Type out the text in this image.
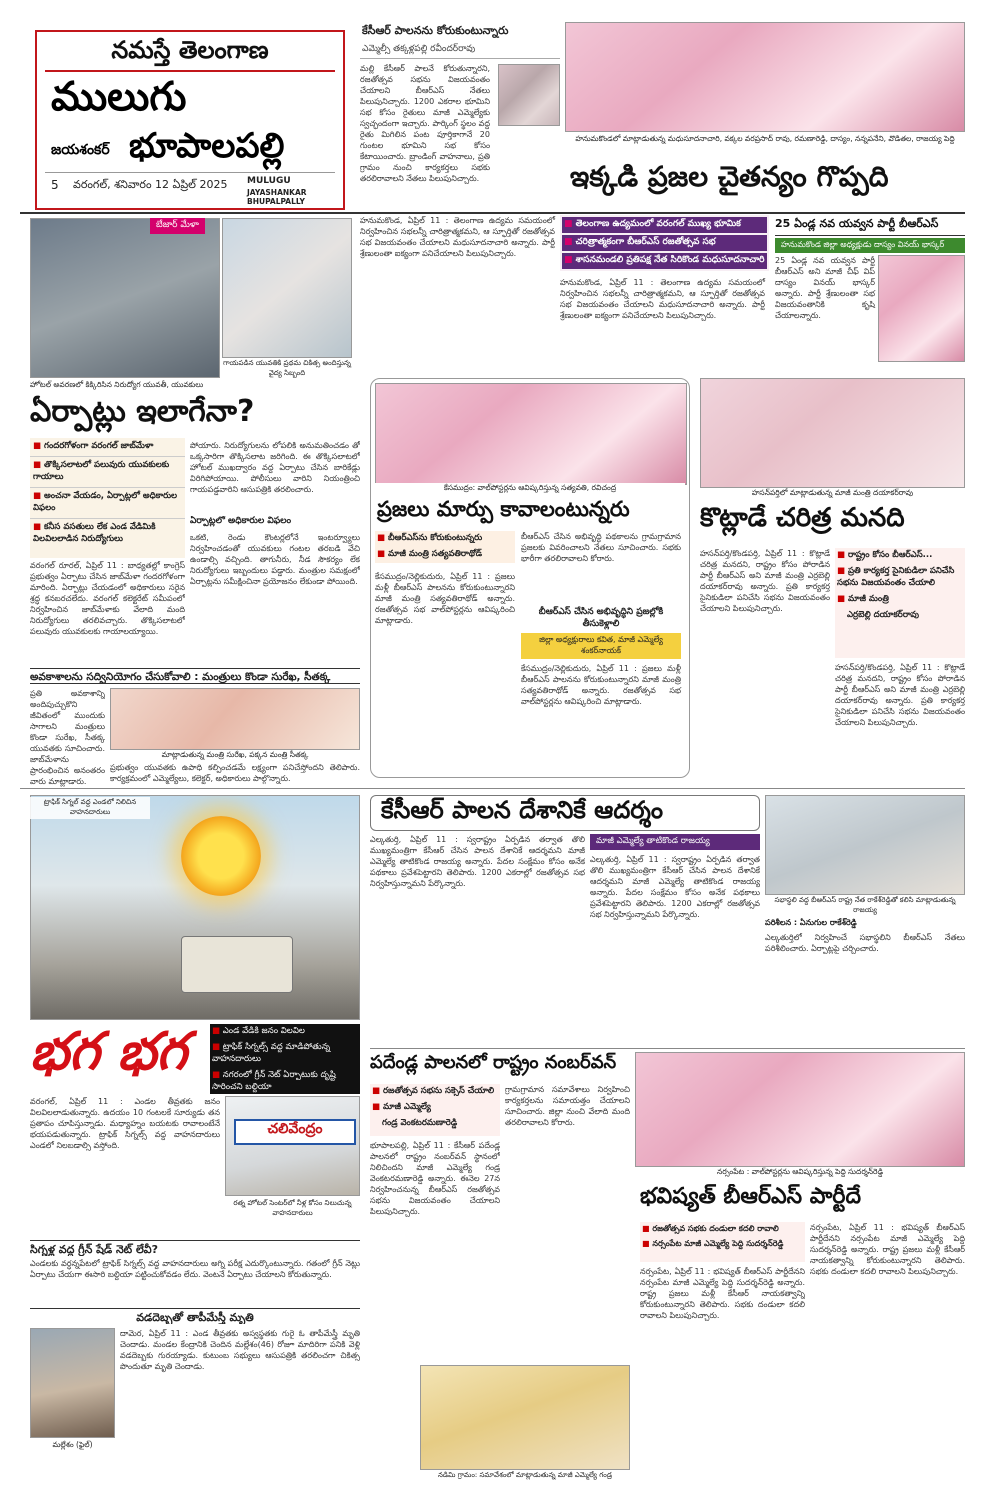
నమస్తే తెలంగాణ
ములుగు
జయశంకర్ భూపాలపల్లి
5 వరంగల్, శనివారం 12 ఏప్రిల్ 2025 MULUGU
JAYASHANKAR BHUPALPALLY
కేసీఆర్ పాలనను కోరుకుంటున్నారు
ఎమ్మెల్సీ తక్కళ్లపల్లి రవీందర్‌రావు
మల్లి కేసీఆర్ పాలనే కోరుతున్నారని, రజతోత్సవ సభను విజయవంతం చేయాలని బీఆర్ఎస్ నేతలు పిలుపునిచ్చారు. 1200 ఎకరాల భూమిని సభ కోసం రైతులు మాజీ ఎమ్మెల్యేకు స్వచ్ఛందంగా ఇచ్చారు. పార్కింగ్ స్థలం వద్ద రైతు మిగిలిన పంట పూర్తికాగానే 20 గుంటల భూమిని సభ కోసం కేటాయించారు. బ్రాండింగ్ వాహనాలు, ప్రతి గ్రామం నుంచి కార్యకర్తలు సభకు తరలిరావాలని నేతలు పిలుపునిచ్చారు.
హనుమకొండలో మాట్లాడుతున్న మధుసూదనాచారి, వక్కల వరప్రసాద్ రావు, రమణారెడ్డి, దాస్యం, నన్నపనేని, వొడితల, రాజయ్య పెద్ది
ఇక్కడి ప్రజల చైతన్యం గొప్పది
బేజార్ మేళా
గాయపడిన యువతికి ప్రథమ చికిత్స అందిస్తున్న వైద్య సిబ్బంది
హోటల్ అవరణలో కిక్కిరిసిన నిరుద్యోగ యువతీ, యువకులు
హనుమకొండ, ఏప్రిల్ 11 : తెలంగాణ ఉద్యమ సమయంలో నిర్వహించిన సభలన్నీ చారిత్రాత్మకమని, ఆ స్ఫూర్తితో రజతోత్సవ సభ విజయవంతం చేయాలని మధుసూదనాచారి అన్నారు. పార్టీ శ్రేణులంతా ఐక్యంగా పనిచేయాలని పిలుపునిచ్చారు.
■ తెలంగాణ ఉద్యమంలో వరంగల్ ముఖ్య భూమిక
■ చరిత్రాత్మకంగా బీఆర్ఎస్ రజతోత్సవ సభ
■ శాసనమండలి ప్రతిపక్ష నేత సిరికొండ మధుసూదనాచారి
హనుమకొండ, ఏప్రిల్ 11 : తెలంగాణ ఉద్యమ సమయంలో నిర్వహించిన సభలన్నీ చారిత్రాత్మకమని, ఆ స్ఫూర్తితో రజతోత్సవ సభ విజయవంతం చేయాలని మధుసూదనాచారి అన్నారు. పార్టీ శ్రేణులంతా ఐక్యంగా పనిచేయాలని పిలుపునిచ్చారు.
25 ఏండ్ల నవ యవ్వన పార్టీ బీఆర్ఎస్
హనుమకొండ జిల్లా అధ్యక్షుడు దాస్యం వినయ్ భాస్కర్
25 ఏండ్ల నవ యవ్వన పార్టీ బీఆర్ఎస్ అని మాజీ చీఫ్ విప్ దాస్యం వినయ్ భాస్కర్ అన్నారు. పార్టీ శ్రేణులంతా సభ విజయవంతానికి కృషి చేయాలన్నారు.
ఏర్పాట్లు ఇలాగేనా?
■ గందరగోళంగా వరంగల్ జాబ్‌మేళా
■ తొక్కిసలాటలో పలువురు యువకులకు గాయాలు
■ అంచనా వేయడం, ఏర్పాట్లలో అధికారుల విఫలం
■ కనీస వసతులు లేక ఎండ వేడిమికి విలవిలలాడిన నిరుద్యోగులు
పోయారు. నిరుద్యోగులను లోపలికి అనుమతించడం తో ఒక్కసారిగా తొక్కిసలాట జరిగింది. ఈ తొక్కిసలాటలో హోటల్ ముఖద్వారం వద్ద ఏర్పాటు చేసిన బారికేడ్లు విరిగిపోయాయి. పోలీసులు వారిని నియంత్రించి గాయపడ్డవారిని ఆసుపత్రికి తరలించారు.
ఏర్పాట్లలో అధికారుల విఫలం
వరంగల్ రూరల్, ఏప్రిల్ 11 : బాధ్యతల్లో కాంగ్రెస్ ప్రభుత్వం ఏర్పాటు చేసిన జాబ్‌మేళా గందరగోళంగా మారింది. ఏర్పాట్లు చేయడంలో అధికారులు సరైన శ్రద్ధ కనబరచలేదు. వరంగల్ కలెక్టరేట్ సమీపంలో నిర్వహించిన జాబ్‌మేళాకు వేలాది మంది నిరుద్యోగులు తరలివచ్చారు. తొక్కిసలాటలో పలువురు యువకులకు గాయాలయ్యాయి.
ఒకటి, రెండు కౌంటర్లలోనే ఇంటర్వ్యూలు నిర్వహించడంతో యువకులు గంటల తరబడి వేచి ఉండాల్సి వచ్చింది. తాగునీరు, నీడ సౌకర్యం లేక నిరుద్యోగులు ఇబ్బందులు పడ్డారు. మంత్రుల సమక్షంలో ఏర్పాట్లను సమీక్షించినా ప్రయోజనం లేకుండా పోయింది.
అవకాశాలను సద్వినియోగం చేసుకోవాలి : మంత్రులు కొండా సురేఖ, సీతక్క
ప్రతి అవకాశాన్ని అందిపుచ్చుకొని జీవితంలో ముందుకు సాగాలని మంత్రులు కొండా సురేఖ, సీతక్క యువతకు సూచించారు. జాబ్‌మేళాను ప్రారంభించిన అనంతరం వారు మాట్లాడారు.
మాట్లాడుతున్న మంత్రి సురేఖ, పక్కన మంత్రి సీతక్క
ప్రభుత్వం యువతకు ఉపాధి కల్పించడమే లక్ష్యంగా పనిచేస్తోందని తెలిపారు. కార్యక్రమంలో ఎమ్మెల్యేలు, కలెక్టర్, అధికారులు పాల్గొన్నారు.
కేసముద్రం: వాల్‌పోస్టర్లను ఆవిష్కరిస్తున్న సత్యవతి, రవిచంద్ర
ప్రజలు మార్పు కావాలంటున్నరు
■ బీఆర్ఎస్‌ను కోరుకుంటున్నరు
■ మాజీ మంత్రి సత్యవతిరాథోడ్
కేసముద్రం/నెల్లికుదురు, ఏప్రిల్ 11 : ప్రజలు మళ్లీ బీఆర్ఎస్ పాలనను కోరుకుంటున్నారని మాజీ మంత్రి సత్యవతిరాథోడ్ అన్నారు. రజతోత్సవ సభ వాల్‌పోస్టర్లను ఆవిష్కరించి మాట్లాడారు.
బీఆర్ఎస్ చేసిన అభివృద్ధి పథకాలను గ్రామగ్రామాన ప్రజలకు వివరించాలని నేతలు సూచించారు. సభకు భారీగా తరలిరావాలని కోరారు.
బీఆర్ఎస్ చేసిన అభివృద్ధిని ప్రజల్లోకి తీసుకెళ్లాలి
జిల్లా అధ్యక్షురాలు కవిత, మాజీ ఎమ్మెల్యే శంకర్‌నాయక్
కేసముద్రం/నెల్లికుదురు, ఏప్రిల్ 11 : ప్రజలు మళ్లీ బీఆర్ఎస్ పాలనను కోరుకుంటున్నారని మాజీ మంత్రి సత్యవతిరాథోడ్ అన్నారు. రజతోత్సవ సభ వాల్‌పోస్టర్లను ఆవిష్కరించి మాట్లాడారు.
హసన్‌పర్తిలో మాట్లాడుతున్న మాజీ మంత్రి దయాకర్‌రావు
కొట్లాడే చరిత్ర మనది
హసన్‌పర్తి/కొండపర్తి, ఏప్రిల్ 11 : కొట్లాడే చరిత్ర మనదని, రాష్ట్రం కోసం పోరాడిన పార్టీ బీఆర్ఎస్ అని మాజీ మంత్రి ఎర్రబెల్లి దయాకర్‌రావు అన్నారు. ప్రతి కార్యకర్త సైనికుడిలా పనిచేసి సభను విజయవంతం చేయాలని పిలుపునిచ్చారు.
■ రాష్ట్రం కోసం బీఆర్ఎస్...
■ ప్రతి కార్యకర్త సైనికుడిలా పనిచేసి సభను విజయవంతం చేయాలి
■ మాజీ మంత్రి
ఎర్రబెల్లి దయాకర్‌రావు
హసన్‌పర్తి/కొండపర్తి, ఏప్రిల్ 11 : కొట్లాడే చరిత్ర మనదని, రాష్ట్రం కోసం పోరాడిన పార్టీ బీఆర్ఎస్ అని మాజీ మంత్రి ఎర్రబెల్లి దయాకర్‌రావు అన్నారు. ప్రతి కార్యకర్త సైనికుడిలా పనిచేసి సభను విజయవంతం చేయాలని పిలుపునిచ్చారు.
ట్రాఫిక్ సిగ్నల్ వద్ద ఎండలో నిలిచిన వాహనదారులు
భగ భగ
■	ఎండ వేడికి జనం విలవిల
■ ట్రాఫిక్ సిగ్నల్స్ వద్ద మాడిపోతున్న వాహనదారులు
■ నగరంలో గ్రీన్ నెట్ ఏర్పాటుకు దృష్టి సారించని బల్దియా
వరంగల్, ఏప్రిల్ 11 : ఎండల తీవ్రతకు జనం విలవిలలాడుతున్నారు. ఉదయం 10 గంటలకే సూర్యుడు తన ప్రతాపం చూపిస్తున్నాడు. మధ్యాహ్నం బయటకు రావాలంటేనే భయపడుతున్నారు. ట్రాఫిక్ సిగ్నల్స్ వద్ద వాహనదారులు ఎండలో నిలబడాల్సి వస్తోంది.
చలివేంద్రం
రత్న హోటల్ సెంటర్‌లో నీళ్ల కోసం నిలుచున్న వాహనదారులు
సిగ్నళ్ల వద్ద గ్రీన్ షేడ్ నెట్ లేవీ?
ఎండలకు వర్ధన్నపేటలో ట్రాఫిక్ సిగ్నల్స్ వద్ద వాహనదారులు అగ్ని పరీక్ష ఎదుర్కొంటున్నారు. గతంలో గ్రీన్ నెట్లు ఏర్పాటు చేయగా ఈసారి బల్దియా పట్టించుకోవడం లేదు. వెంటనే ఏర్పాటు చేయాలని కోరుతున్నారు.
వడదెబ్బతో తాపీమేస్త్రీ మృతి
మల్లేశం (ఫైల్)
దామెర, ఏప్రిల్ 11 : ఎండ తీవ్రతకు అస్వస్థతకు గురై ఓ తాపీమేస్త్రీ మృతి చెందాడు. మండల కేంద్రానికి చెందిన మల్లేశం(46) రోజూ మాదిరిగా పనికి వెళ్లి వడదెబ్బకు గురయ్యాడు. కుటుంబ సభ్యులు ఆసుపత్రికి తరలించగా చికిత్స పొందుతూ మృతి చెందాడు.
కేసీఆర్ పాలన దేశానికే ఆదర్శం
మాజీ ఎమ్మెల్యే తాటికొండ రాజయ్య
ఎల్కతుర్తి, ఏప్రిల్ 11 : స్వరాష్ట్రం ఏర్పడిన తర్వాత తొలి ముఖ్యమంత్రిగా కేసీఆర్ చేసిన పాలన దేశానికే ఆదర్శమని మాజీ ఎమ్మెల్యే తాటికొండ రాజయ్య అన్నారు. పేదల సంక్షేమం కోసం అనేక పథకాలు ప్రవేశపెట్టారని తెలిపారు. 1200 ఎకరాల్లో రజతోత్సవ సభ నిర్వహిస్తున్నామని పేర్కొన్నారు.
ఎల్కతుర్తి, ఏప్రిల్ 11 : స్వరాష్ట్రం ఏర్పడిన తర్వాత తొలి ముఖ్యమంత్రిగా కేసీఆర్ చేసిన పాలన దేశానికే ఆదర్శమని మాజీ ఎమ్మెల్యే తాటికొండ రాజయ్య అన్నారు. పేదల సంక్షేమం కోసం అనేక పథకాలు ప్రవేశపెట్టారని తెలిపారు. 1200 ఎకరాల్లో రజతోత్సవ సభ నిర్వహిస్తున్నామని పేర్కొన్నారు.
సభాస్థలి వద్ద బీఆర్ఎస్ రాష్ట్ర నేత రాకేశ్‌రెడ్డితో కలిసి మాట్లాడుతున్న రాజయ్య
పరిశీలన : ఏనుగుల రాకేశ్‌రెడ్డి
ఎల్కతుర్తిలో నిర్వహించే సభాస్థలిని బీఆర్ఎస్ నేతలు పరిశీలించారు. ఏర్పాట్లపై చర్చించారు.
పదేండ్ల పాలనలో రాష్ట్రం నంబర్‌వన్
■ రజతోత్సవ సభను సక్సెస్ చేయాలి
■ మాజీ ఎమ్మెల్యే
గండ్ర వెంకటరమణారెడ్డి
భూపాలపల్లి, ఏప్రిల్ 11 : కేసీఆర్ పదేండ్ల పాలనలో రాష్ట్రం నంబర్‌వన్ స్థానంలో నిలిచిందని మాజీ ఎమ్మెల్యే గండ్ర వెంకటరమణారెడ్డి అన్నారు. ఈనెల 27న నిర్వహించనున్న బీఆర్ఎస్ రజతోత్సవ సభను విజయవంతం చేయాలని పిలుపునిచ్చారు.
గ్రామగ్రామాన సమావేశాలు నిర్వహించి కార్యకర్తలను సమాయత్తం చేయాలని సూచించారు. జిల్లా నుంచి వేలాది మంది తరలిరావాలని కోరారు.
నడిమి గ్రామం: సమావేశంలో మాట్లాడుతున్న మాజీ ఎమ్మెల్యే గండ్ర
నర్సంపేట : వాల్‌పోస్టర్లను ఆవిష్కరిస్తున్న పెద్ది సుదర్శన్‌రెడ్డి
భవిష్యత్ బీఆర్ఎస్ పార్టీదే
■ రజతోత్సవ సభకు దండులా కదలి రావాలి
■ నర్సంపేట మాజీ ఎమ్మెల్యే పెద్ది సుదర్శన్‌రెడ్డి
నర్సంపేట, ఏప్రిల్ 11 : భవిష్యత్ బీఆర్ఎస్ పార్టీదేనని నర్సంపేట మాజీ ఎమ్మెల్యే పెద్ది సుదర్శన్‌రెడ్డి అన్నారు. రాష్ట్ర ప్రజలు మళ్లీ కేసీఆర్ నాయకత్వాన్ని కోరుకుంటున్నారని తెలిపారు. సభకు దండులా కదలి రావాలని పిలుపునిచ్చారు.
నర్సంపేట, ఏప్రిల్ 11 : భవిష్యత్ బీఆర్ఎస్ పార్టీదేనని నర్సంపేట మాజీ ఎమ్మెల్యే పెద్ది సుదర్శన్‌రెడ్డి అన్నారు. రాష్ట్ర ప్రజలు మళ్లీ కేసీఆర్ నాయకత్వాన్ని కోరుకుంటున్నారని తెలిపారు. సభకు దండులా కదలి రావాలని పిలుపునిచ్చారు.
